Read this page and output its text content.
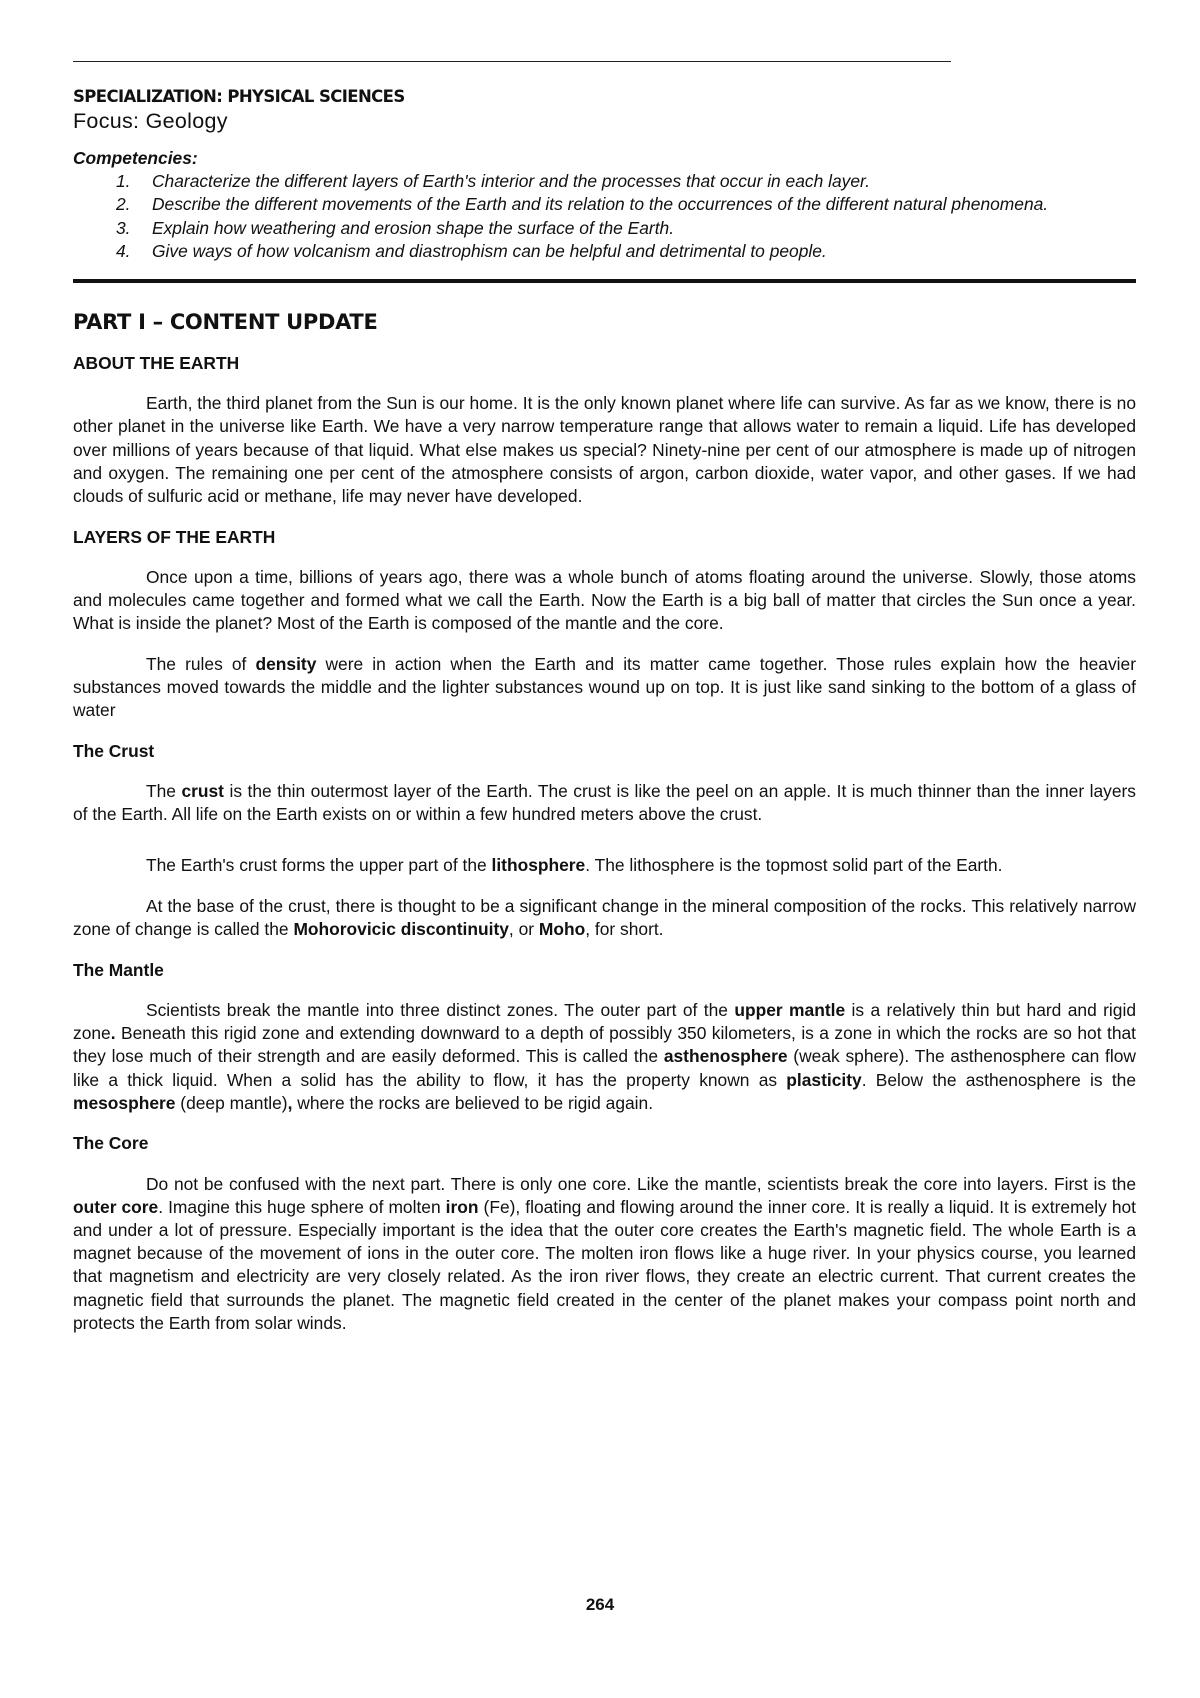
SPECIALIZATION: PHYSICAL SCIENCES
Focus: Geology
Competencies:
1. Characterize the different layers of Earth's interior and the processes that occur in each layer.
2. Describe the different movements of the Earth and its relation to the occurrences of the different natural phenomena.
3. Explain how weathering and erosion shape the surface of the Earth.
4. Give ways of how volcanism and diastrophism can be helpful and detrimental to people.
PART I – CONTENT UPDATE
ABOUT THE EARTH

Earth, the third planet from the Sun is our home. It is the only known planet where life can survive. As far as we know, there is no other planet in the universe like Earth. We have a very narrow temperature range that allows water to remain a liquid. Life has developed over millions of years because of that liquid. What else makes us special? Ninety-nine per cent of our atmosphere is made up of nitrogen and oxygen. The remaining one per cent of the atmosphere consists of argon, carbon dioxide, water vapor, and other gases. If we had clouds of sulfuric acid or methane, life may never have developed.

LAYERS OF THE EARTH

Once upon a time, billions of years ago, there was a whole bunch of atoms floating around the universe. Slowly, those atoms and molecules came together and formed what we call the Earth. Now the Earth is a big ball of matter that circles the Sun once a year. What is inside the planet? Most of the Earth is composed of the mantle and the core.

The rules of density were in action when the Earth and its matter came together. Those rules explain how the heavier substances moved towards the middle and the lighter substances wound up on top. It is just like sand sinking to the bottom of a glass of water

The Crust

The crust is the thin outermost layer of the Earth. The crust is like the peel on an apple. It is much thinner than the inner layers of the Earth. All life on the Earth exists on or within a few hundred meters above the crust.

The Earth's crust forms the upper part of the lithosphere. The lithosphere is the topmost solid part of the Earth.

At the base of the crust, there is thought to be a significant change in the mineral composition of the rocks. This relatively narrow zone of change is called the Mohorovicic discontinuity, or Moho, for short.

The Mantle

Scientists break the mantle into three distinct zones. The outer part of the upper mantle is a relatively thin but hard and rigid zone. Beneath this rigid zone and extending downward to a depth of possibly 350 kilometers, is a zone in which the rocks are so hot that they lose much of their strength and are easily deformed. This is called the asthenosphere (weak sphere). The asthenosphere can flow like a thick liquid. When a solid has the ability to flow, it has the property known as plasticity. Below the asthenosphere is the mesosphere (deep mantle), where the rocks are believed to be rigid again.

The Core

Do not be confused with the next part. There is only one core. Like the mantle, scientists break the core into layers. First is the outer core. Imagine this huge sphere of molten iron (Fe), floating and flowing around the inner core. It is really a liquid. It is extremely hot and under a lot of pressure. Especially important is the idea that the outer core creates the Earth's magnetic field. The whole Earth is a magnet because of the movement of ions in the outer core. The molten iron flows like a huge river. In your physics course, you learned that magnetism and electricity are very closely related. As the iron river flows, they create an electric current. That current creates the magnetic field that surrounds the planet. The magnetic field created in the center of the planet makes your compass point north and protects the Earth from solar winds.

264
